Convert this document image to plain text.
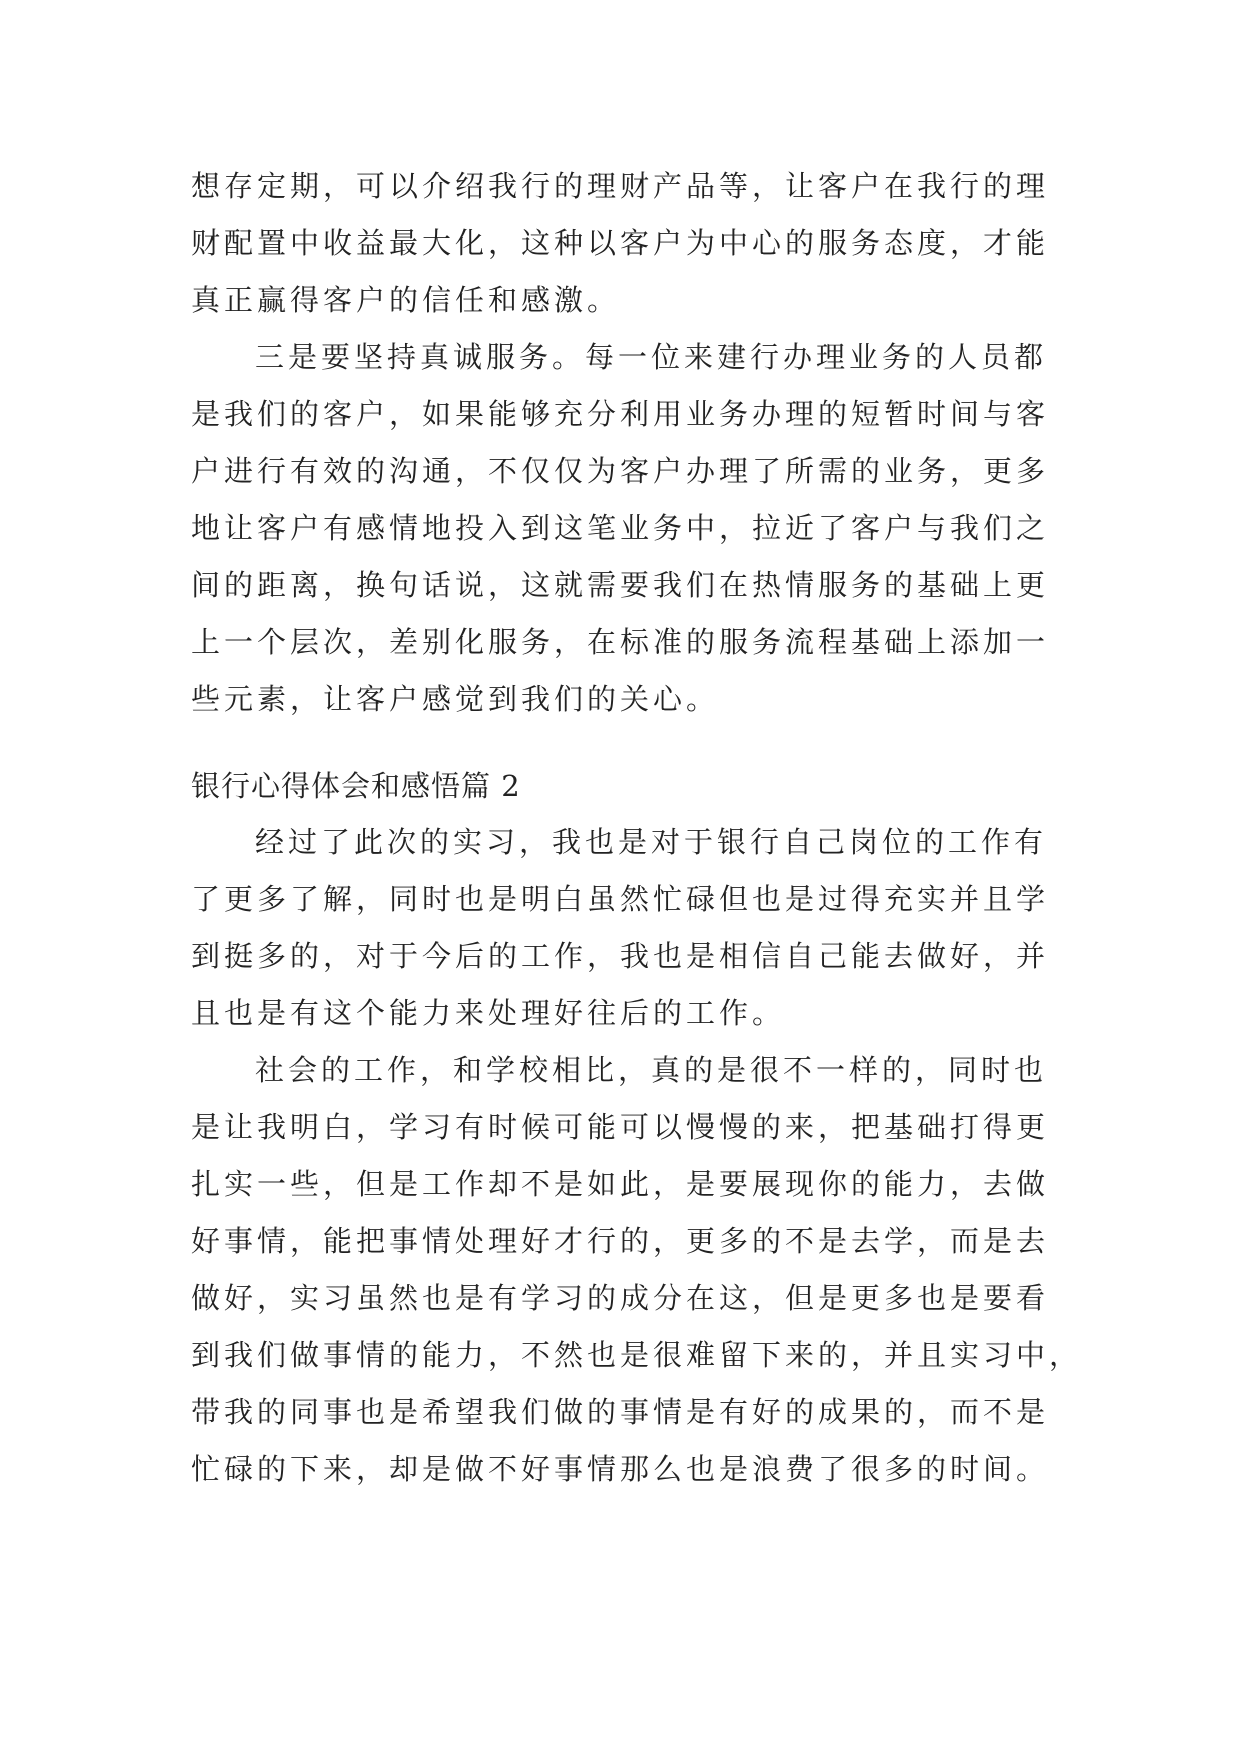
想存定期，可以介绍我行的理财产品等，让客户在我行的理
财配置中收益最大化，这种以客户为中心的服务态度，才能
真正赢得客户的信任和感激。
三是要坚持真诚服务。每一位来建行办理业务的人员都
是我们的客户，如果能够充分利用业务办理的短暂时间与客
户进行有效的沟通，不仅仅为客户办理了所需的业务，更多
地让客户有感情地投入到这笔业务中，拉近了客户与我们之
间的距离，换句话说，这就需要我们在热情服务的基础上更
上一个层次，差别化服务，在标准的服务流程基础上添加一
些元素，让客户感觉到我们的关心。
银行心得体会和感悟篇 2
经过了此次的实习，我也是对于银行自己岗位的工作有
了更多了解，同时也是明白虽然忙碌但也是过得充实并且学
到挺多的，对于今后的工作，我也是相信自己能去做好，并
且也是有这个能力来处理好往后的工作。
社会的工作，和学校相比，真的是很不一样的，同时也
是让我明白，学习有时候可能可以慢慢的来，把基础打得更
扎实一些，但是工作却不是如此，是要展现你的能力，去做
好事情，能把事情处理好才行的，更多的不是去学，而是去
做好，实习虽然也是有学习的成分在这，但是更多也是要看
到我们做事情的能力，不然也是很难留下来的，并且实习中，
带我的同事也是希望我们做的事情是有好的成果的，而不是
忙碌的下来，却是做不好事情那么也是浪费了很多的时间。
